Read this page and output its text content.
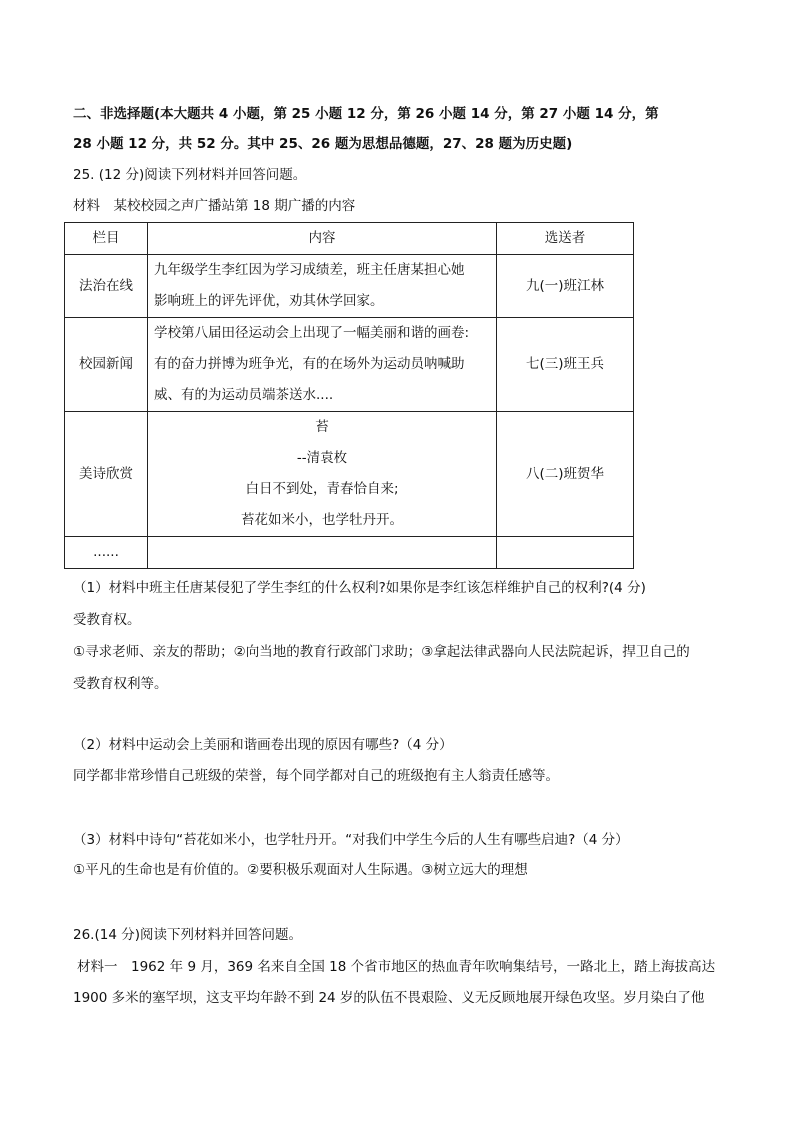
二、非选择题(本大题共 4 小题，第 25 小题 12 分，第 26 小题 14 分，第 27 小题 14 分，第
28 小题 12 分，共 52 分。其中 25、26 题为思想品德题，27、28 题为历史题)
25. (12 分)阅读下列材料并回答问题。
材料　某校校园之声广播站第 18 期广播的内容
栏目	内容	选送者
法治在线	九年级学生李红因为学习成绩差，班主任唐某担心她
影响班上的评先评优，劝其休学回家。	九(一)班江林
校园新闻	学校第八届田径运动会上出现了一幅美丽和谐的画卷:
有的奋力拼博为班争光，有的在场外为运动员呐喊助
威、有的为运动员端茶送水....	七(三)班王兵
美诗欣赏	苔
--清袁枚
白日不到处，青春恰自来;
苔花如米小，也学牡丹开。	八(二)班贺华
......		
（1）材料中班主任唐某侵犯了学生李红的什么权利?如果你是李红该怎样维护自己的权利?(4 分)
受教育权。
①寻求老师、亲友的帮助；②向当地的教育行政部门求助；③拿起法律武器向人民法院起诉，捍卫自己的
受教育权利等。
（2）材料中运动会上美丽和谐画卷出现的原因有哪些?（4 分）
同学都非常珍惜自己班级的荣誉，每个同学都对自己的班级抱有主人翁责任感等。
（3）材料中诗句“苔花如米小，也学牡丹开。“对我们中学生今后的人生有哪些启迪?（4 分）
①平凡的生命也是有价值的。②要积极乐观面对人生际遇。③树立远大的理想
26.(14 分)阅读下列材料并回答问题。
材料一　1962 年 9 月，369 名来自全国 18 个省市地区的热血青年吹响集结号，一路北上，踏上海拔高达
1900 多米的塞罕坝，这支平均年龄不到 24 岁的队伍不畏艰险、义无反顾地展开绿色攻坚。岁月染白了他
